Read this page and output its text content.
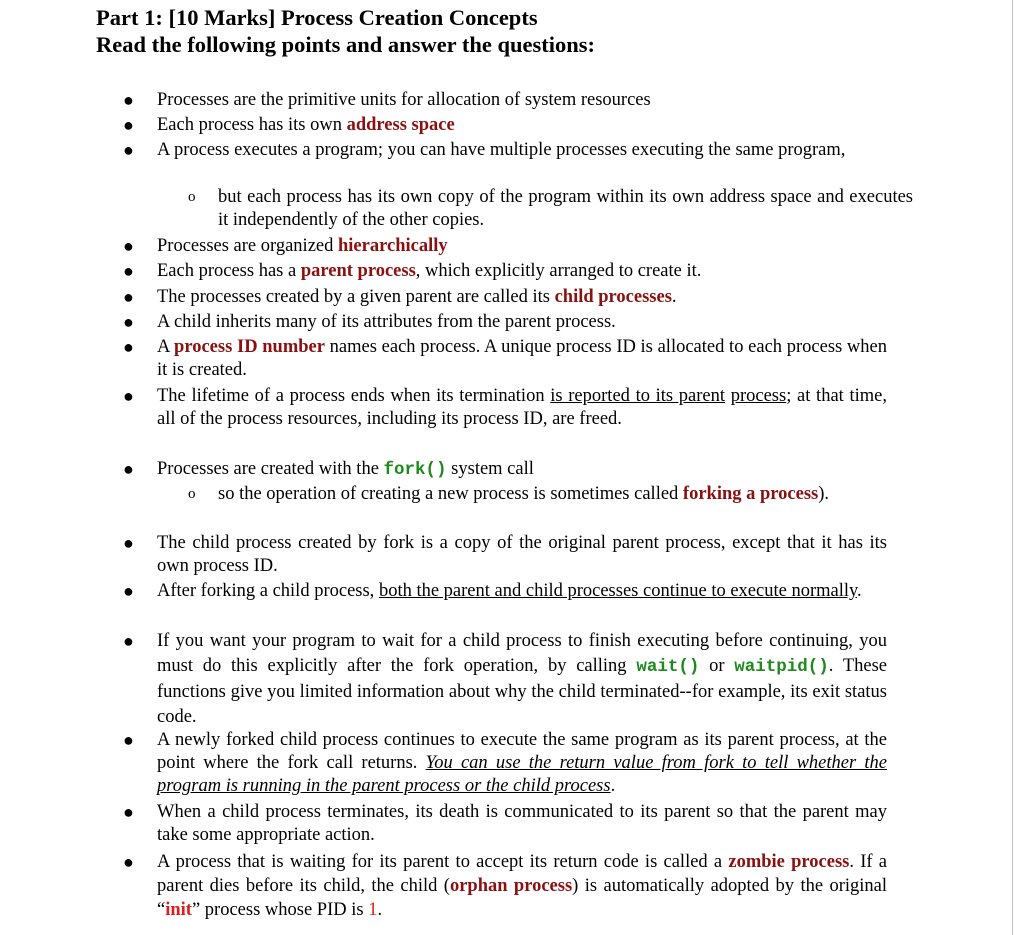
Part 1: [10 Marks] Process Creation Concepts
Read the following points and answer the questions:
● Processes are the primitive units for allocation of system resources
● Each process has its own address space
● A process executes a program; you can have multiple processes executing the same program,
o but each process has its own copy of the program within its own address space and executes it independently of the other copies.
● Processes are organized hierarchically
● Each process has a parent process, which explicitly arranged to create it.
● The processes created by a given parent are called its child processes.
● A child inherits many of its attributes from the parent process.
● A process ID number names each process. A unique process ID is allocated to each process when it is created.
● The lifetime of a process ends when its termination is reported to its parent process; at that time, all of the process resources, including its process ID, are freed.
● Processes are created with the fork() system call
o so the operation of creating a new process is sometimes called forking a process).
● The child process created by fork is a copy of the original parent process, except that it has its own process ID.
● After forking a child process, both the parent and child processes continue to execute normally.
● If you want your program to wait for a child process to finish executing before continuing, you must do this explicitly after the fork operation, by calling wait() or waitpid(). These functions give you limited information about why the child terminated--for example, its exit status code.
● A newly forked child process continues to execute the same program as its parent process, at the point where the fork call returns. You can use the return value from fork to tell whether the program is running in the parent process or the child process.
● When a child process terminates, its death is communicated to its parent so that the parent may take some appropriate action.
● A process that is waiting for its parent to accept its return code is called a zombie process. If a parent dies before its child, the child (orphan process) is automatically adopted by the original “init” process whose PID is 1.
